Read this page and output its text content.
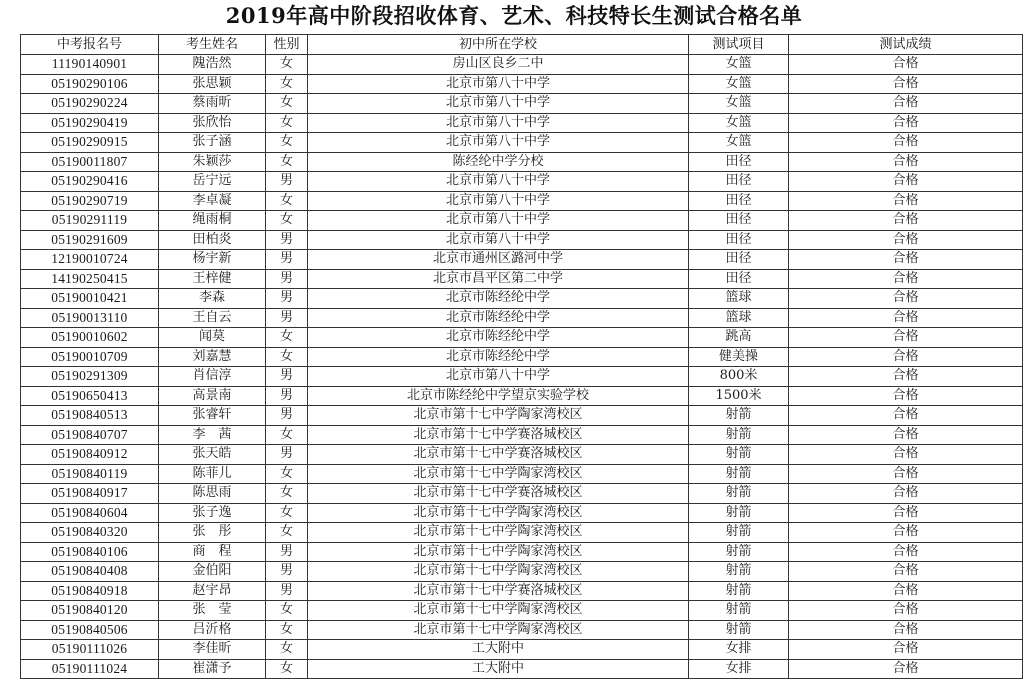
2019年高中阶段招收体育、艺术、科技特长生测试合格名单
中考报名号	考生姓名	性别	初中所在学校	测试项目	测试成绩
11190140901	隗浩然	女	房山区良乡二中	女篮	合格
05190290106	张思颖	女	北京市第八十中学	女篮	合格
05190290224	蔡雨昕	女	北京市第八十中学	女篮	合格
05190290419	张欣怡	女	北京市第八十中学	女篮	合格
05190290915	张子涵	女	北京市第八十中学	女篮	合格
05190011807	朱颖莎	女	陈经纶中学分校	田径	合格
05190290416	岳宁远	男	北京市第八十中学	田径	合格
05190290719	李卓凝	女	北京市第八十中学	田径	合格
05190291119	绳雨桐	女	北京市第八十中学	田径	合格
05190291609	田柏炎	男	北京市第八十中学	田径	合格
12190010724	杨宇新	男	北京市通州区潞河中学	田径	合格
14190250415	王梓健	男	北京市昌平区第二中学	田径	合格
05190010421	李森	男	北京市陈经纶中学	篮球	合格
05190013110	王自云	男	北京市陈经纶中学	篮球	合格
05190010602	闻莫	女	北京市陈经纶中学	跳高	合格
05190010709	刘嘉慧	女	北京市陈经纶中学	健美操	合格
05190291309	肖信淳	男	北京市第八十中学	800米	合格
05190650413	高景南	男	北京市陈经纶中学望京实验学校	1500米	合格
05190840513	张睿轩	男	北京市第十七中学陶家湾校区	射箭	合格
05190840707	李　茜	女	北京市第十七中学赛洛城校区	射箭	合格
05190840912	张天皓	男	北京市第十七中学赛洛城校区	射箭	合格
05190840119	陈菲儿	女	北京市第十七中学陶家湾校区	射箭	合格
05190840917	陈思雨	女	北京市第十七中学赛洛城校区	射箭	合格
05190840604	张子逸	女	北京市第十七中学陶家湾校区	射箭	合格
05190840320	张　彤	女	北京市第十七中学陶家湾校区	射箭	合格
05190840106	商　程	男	北京市第十七中学陶家湾校区	射箭	合格
05190840408	金伯阳	男	北京市第十七中学陶家湾校区	射箭	合格
05190840918	赵宇昂	男	北京市第十七中学赛洛城校区	射箭	合格
05190840120	张　莹	女	北京市第十七中学陶家湾校区	射箭	合格
05190840506	吕沂格	女	北京市第十七中学陶家湾校区	射箭	合格
05190111026	李佳昕	女	工大附中	女排	合格
05190111024	崔潇予	女	工大附中	女排	合格
